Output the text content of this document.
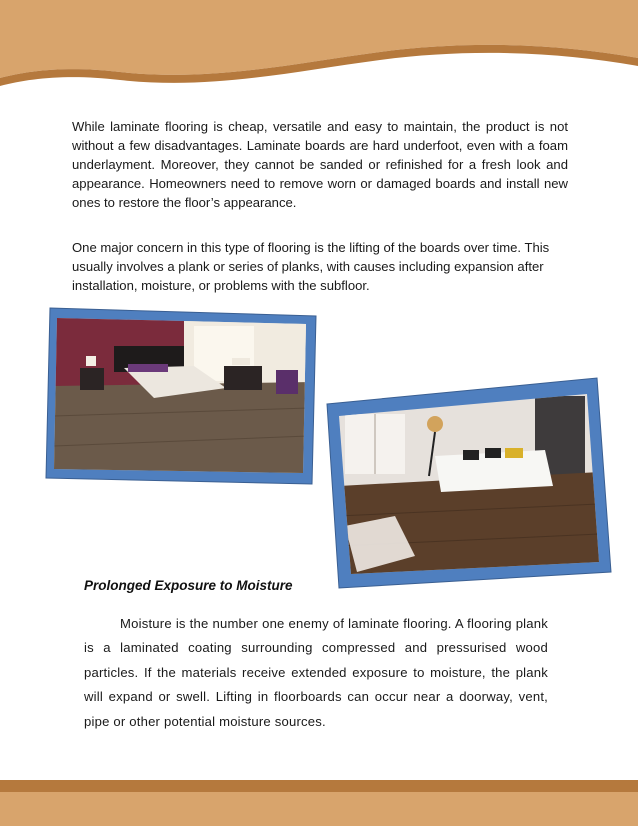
While laminate flooring is cheap, versatile and easy to maintain, the product is not without a few disadvantages. Laminate boards are hard underfoot, even with a foam underlayment. Moreover, they cannot be sanded or refinished for a fresh look and appearance. Homeowners need to remove worn or damaged boards and install new ones to restore the floor’s appearance.

One major concern in this type of flooring is the lifting of the boards over time. This usually involves a plank or series of planks, with causes including expansion after installation, moisture, or problems with the subfloor.

Prolonged Exposure to Moisture

Moisture is the number one enemy of laminate flooring. A flooring plank is a laminated coating surrounding compressed and pressurised wood particles. If the materials receive extended exposure to moisture, the plank will expand or swell. Lifting in floorboards can occur near a doorway, vent, pipe or other potential moisture sources.
